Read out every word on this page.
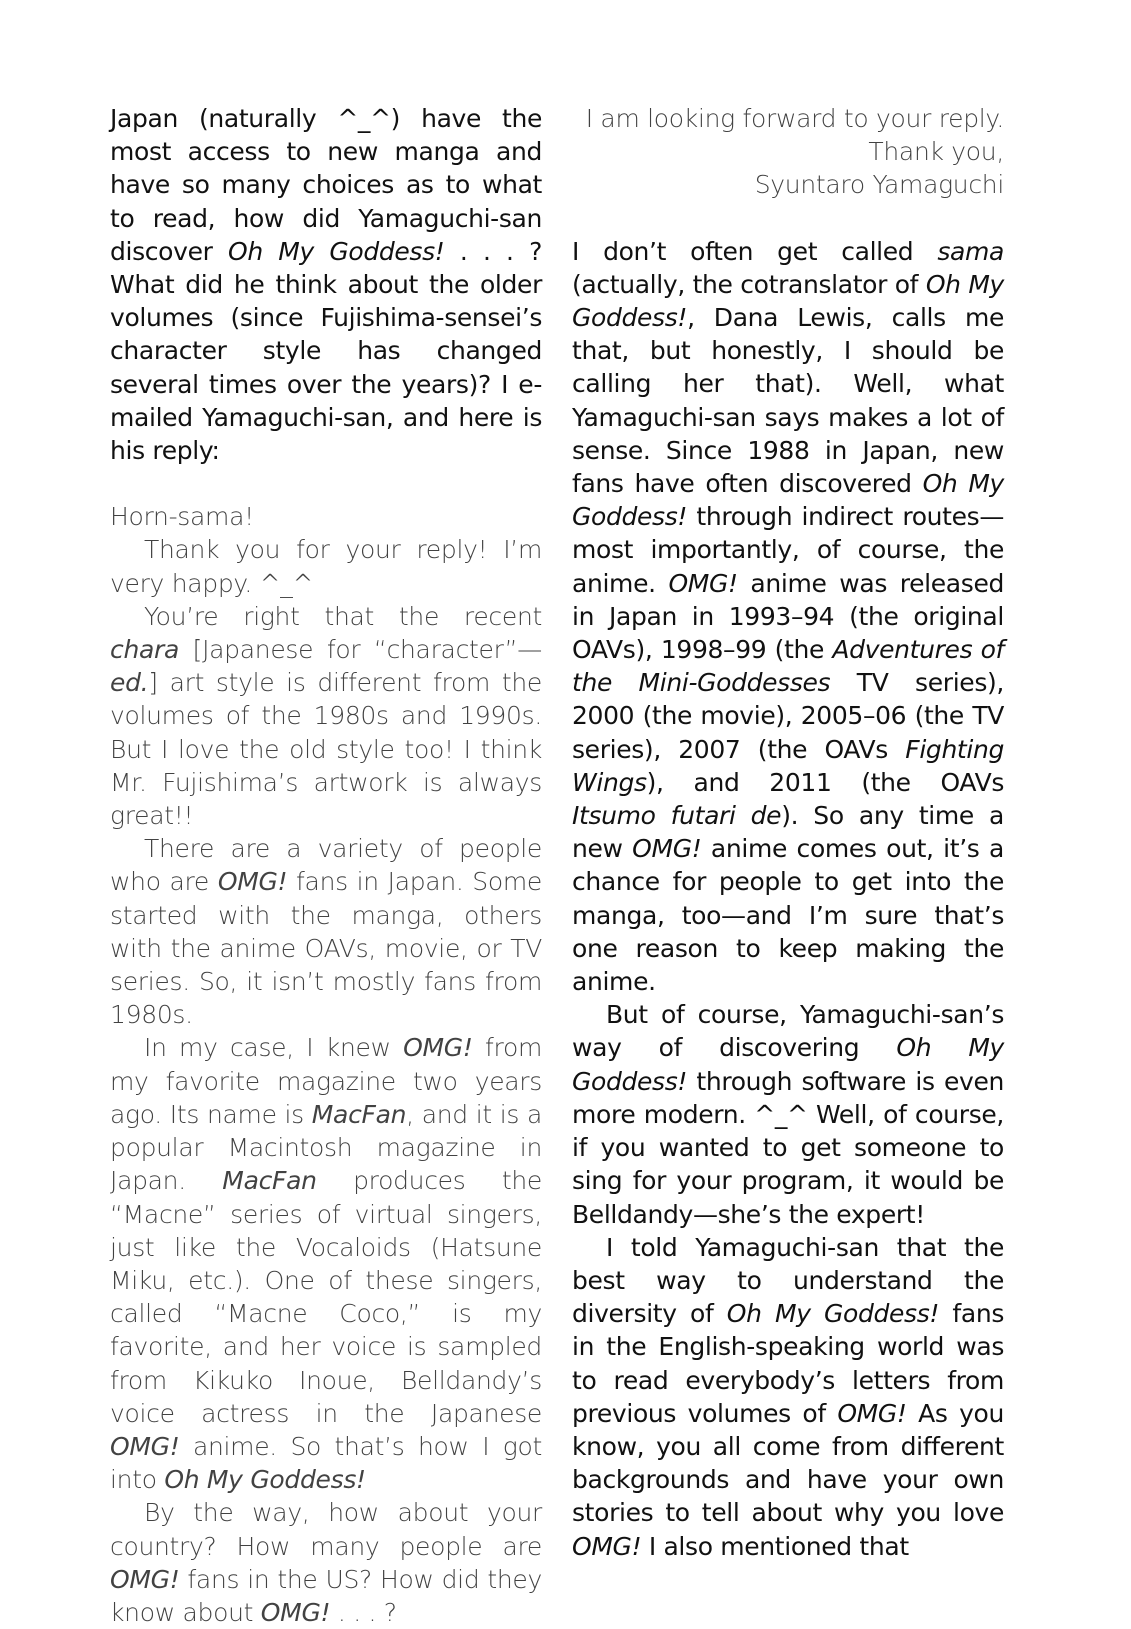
Japan (naturally ^_^) have the most access to new manga and have so many choices as to what to read, how did Yamaguchi-san discover Oh My Goddess! . . . ? What did he think about the older volumes (since Fujishima-sensei’s character style has changed several times over the years)? I e-mailed Yamaguchi-san, and here is his reply:

Horn-sama!

Thank you for your reply! I’m very happy. ^_^

You’re right that the recent chara [Japanese for “character”—ed.] art style is different from the volumes of the 1980s and 1990s. But I love the old style too! I think Mr. Fujishima’s artwork is always great!!

There are a variety of people who are OMG! fans in Japan. Some started with the manga, others with the anime OAVs, movie, or TV series. So, it isn’t mostly fans from 1980s.

In my case, I knew OMG! from my favorite magazine two years ago. Its name is MacFan, and it is a popular Macintosh magazine in Japan. MacFan produces the “Macne” series of virtual singers, just like the Vocaloids (Hatsune Miku, etc.). One of these singers, called “Macne Coco,” is my favorite, and her voice is sampled from Kikuko Inoue, Belldandy’s voice actress in the Japanese OMG! anime. So that’s how I got into Oh My Goddess!

By the way, how about your country? How many people are OMG! fans in the US? How did they know about OMG! . . . ?

I am looking forward to your reply.
Thank you,
Syuntaro Yamaguchi

I don’t often get called sama (actually, the cotranslator of Oh My Goddess!, Dana Lewis, calls me that, but honestly, I should be calling her that). Well, what Yamaguchi-san says makes a lot of sense. Since 1988 in Japan, new fans have often discovered Oh My Goddess! through indirect routes—most importantly, of course, the anime. OMG! anime was released in Japan in 1993–94 (the original OAVs), 1998–99 (the Adventures of the Mini-Goddesses TV series), 2000 (the movie), 2005–06 (the TV series), 2007 (the OAVs Fighting Wings), and 2011 (the OAVs Itsumo futari de). So any time a new OMG! anime comes out, it’s a chance for people to get into the manga, too—and I’m sure that’s one reason to keep making the anime.

But of course, Yamaguchi-san’s way of discovering Oh My Goddess! through software is even more modern. ^_^ Well, of course, if you wanted to get someone to sing for your program, it would be Belldandy—she’s the expert!

I told Yamaguchi-san that the best way to understand the diversity of Oh My Goddess! fans in the English-speaking world was to read everybody’s letters from previous volumes of OMG! As you know, you all come from different backgrounds and have your own stories to tell about why you love OMG! I also mentioned that
